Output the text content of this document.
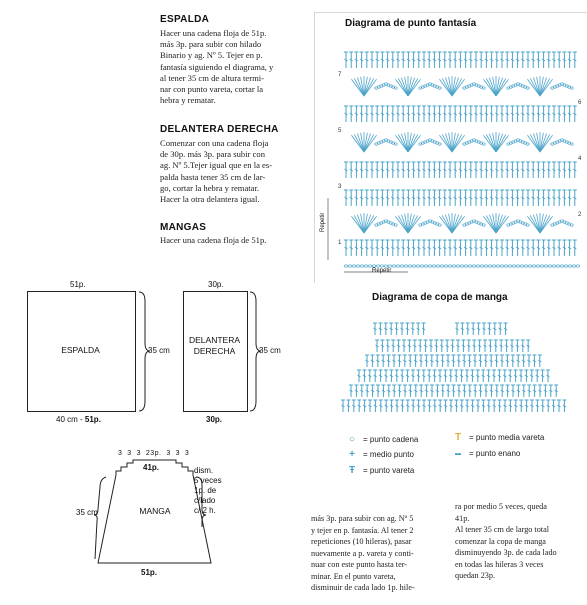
ESPALDA
Hacer una cadena floja de 51p.
más 3p. para subir con hilado
Binario y ag. Nº 5. Tejer en p.
fantasía siguiendo el diagrama, y
al tener 35 cm de altura termi-
nar con punto vareta, cortar la
hebra y rematar.
DELANTERA DERECHA
Comenzar con una cadena floja
de 30p. más 3p. para subir con
ag. Nº 5.Tejer igual que en la es-
palda hasta tener 35 cm de lar-
go, cortar la hebra y rematar.
Hacer la otra delantera igual.
MANGAS
Hacer una cadena floja de 51p.
Diagrama de punto fantasía
7
6
5
4
3
2
1
Repetir
Repetir
Diagrama de copa de manga
○ = punto cadena	T = punto media vareta
+ = medio punto	▬ = punto enano
Ŧ = punto vareta
51p.
ESPALDA	35 cm
40 cm - 51p.
30p.
DELANTERA
DERECHA	35 cm
30p.
3  3  3  23p.  3  3  3
41p.
MANGA
35 cm
dism.
5 veces
1p. de
c/lado
c/ 2 h.
51p.
más 3p. para subir con ag. Nº 5
y tejer en p. fantasía. Al tener 2
repeticiones (10 hileras), pasar
nuevamente a p. vareta y conti-
nuar con este punto hasta ter-
minar. En el punto vareta,
disminuir de cada lado 1p. hile-
ra por medio 5 veces, queda
41p.
Al tener 35 cm de largo total
comenzar la copa de manga
disminuyendo 3p. de cada lado
en todas las hileras 3 veces
quedan 23p.
